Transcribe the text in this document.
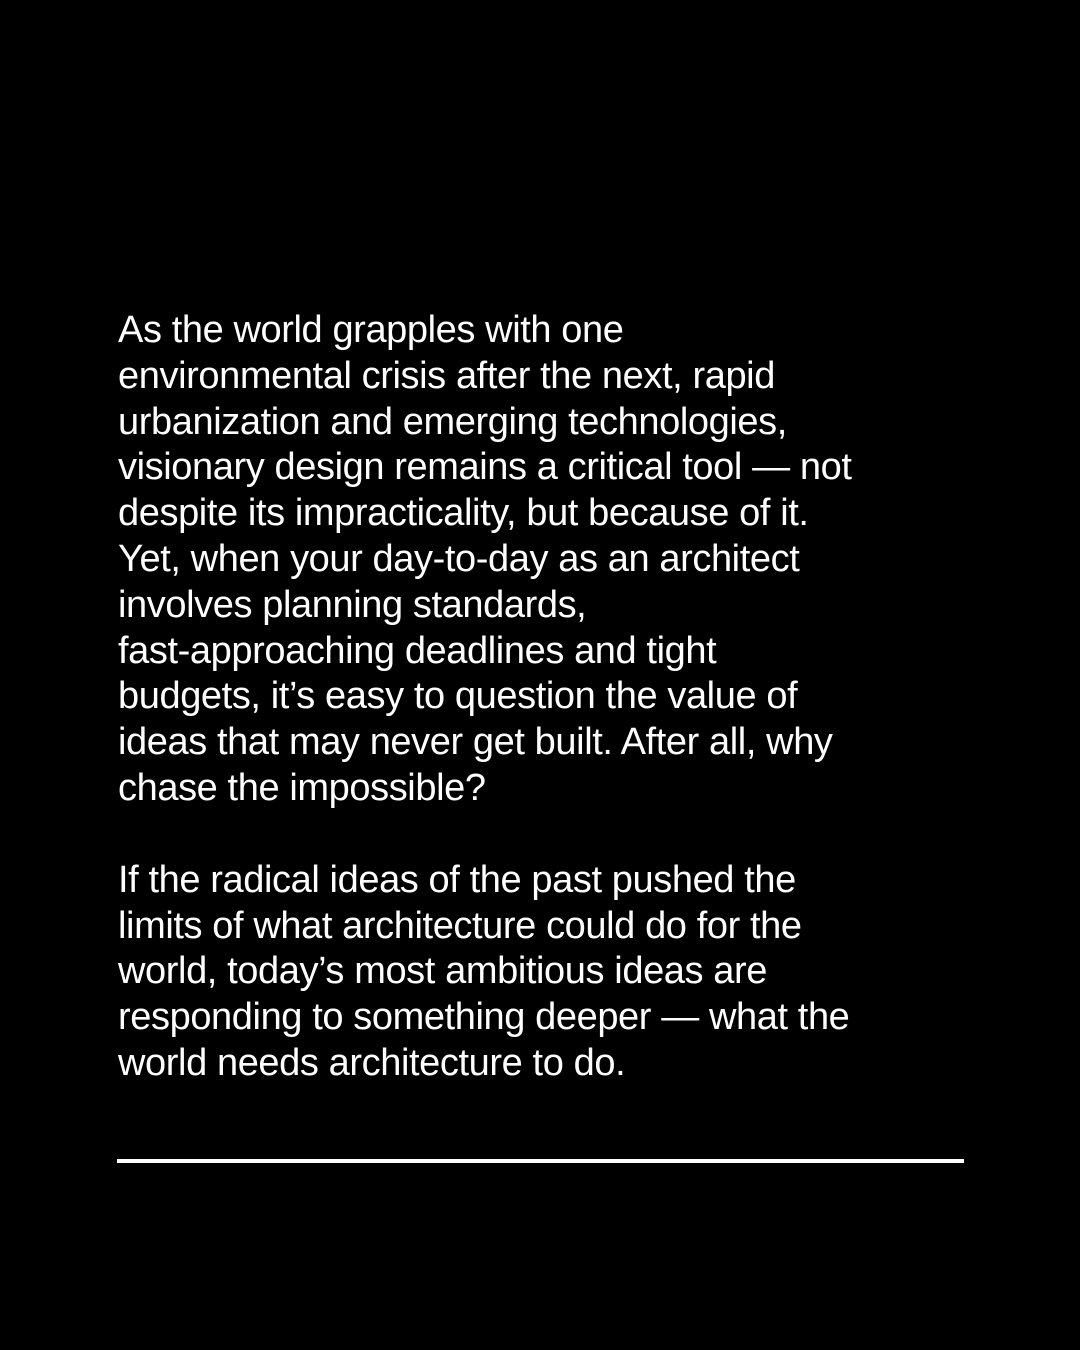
As the world grapples with one
environmental crisis after the next, rapid
urbanization and emerging technologies,
visionary design remains a critical tool — not
despite its impracticality, but because of it.
Yet, when your day-to-day as an architect
involves planning standards,
fast-approaching deadlines and tight
budgets, it’s easy to question the value of
ideas that may never get built. After all, why
chase the impossible?

If the radical ideas of the past pushed the
limits of what architecture could do for the
world, today’s most ambitious ideas are
responding to something deeper — what the
world needs architecture to do.
